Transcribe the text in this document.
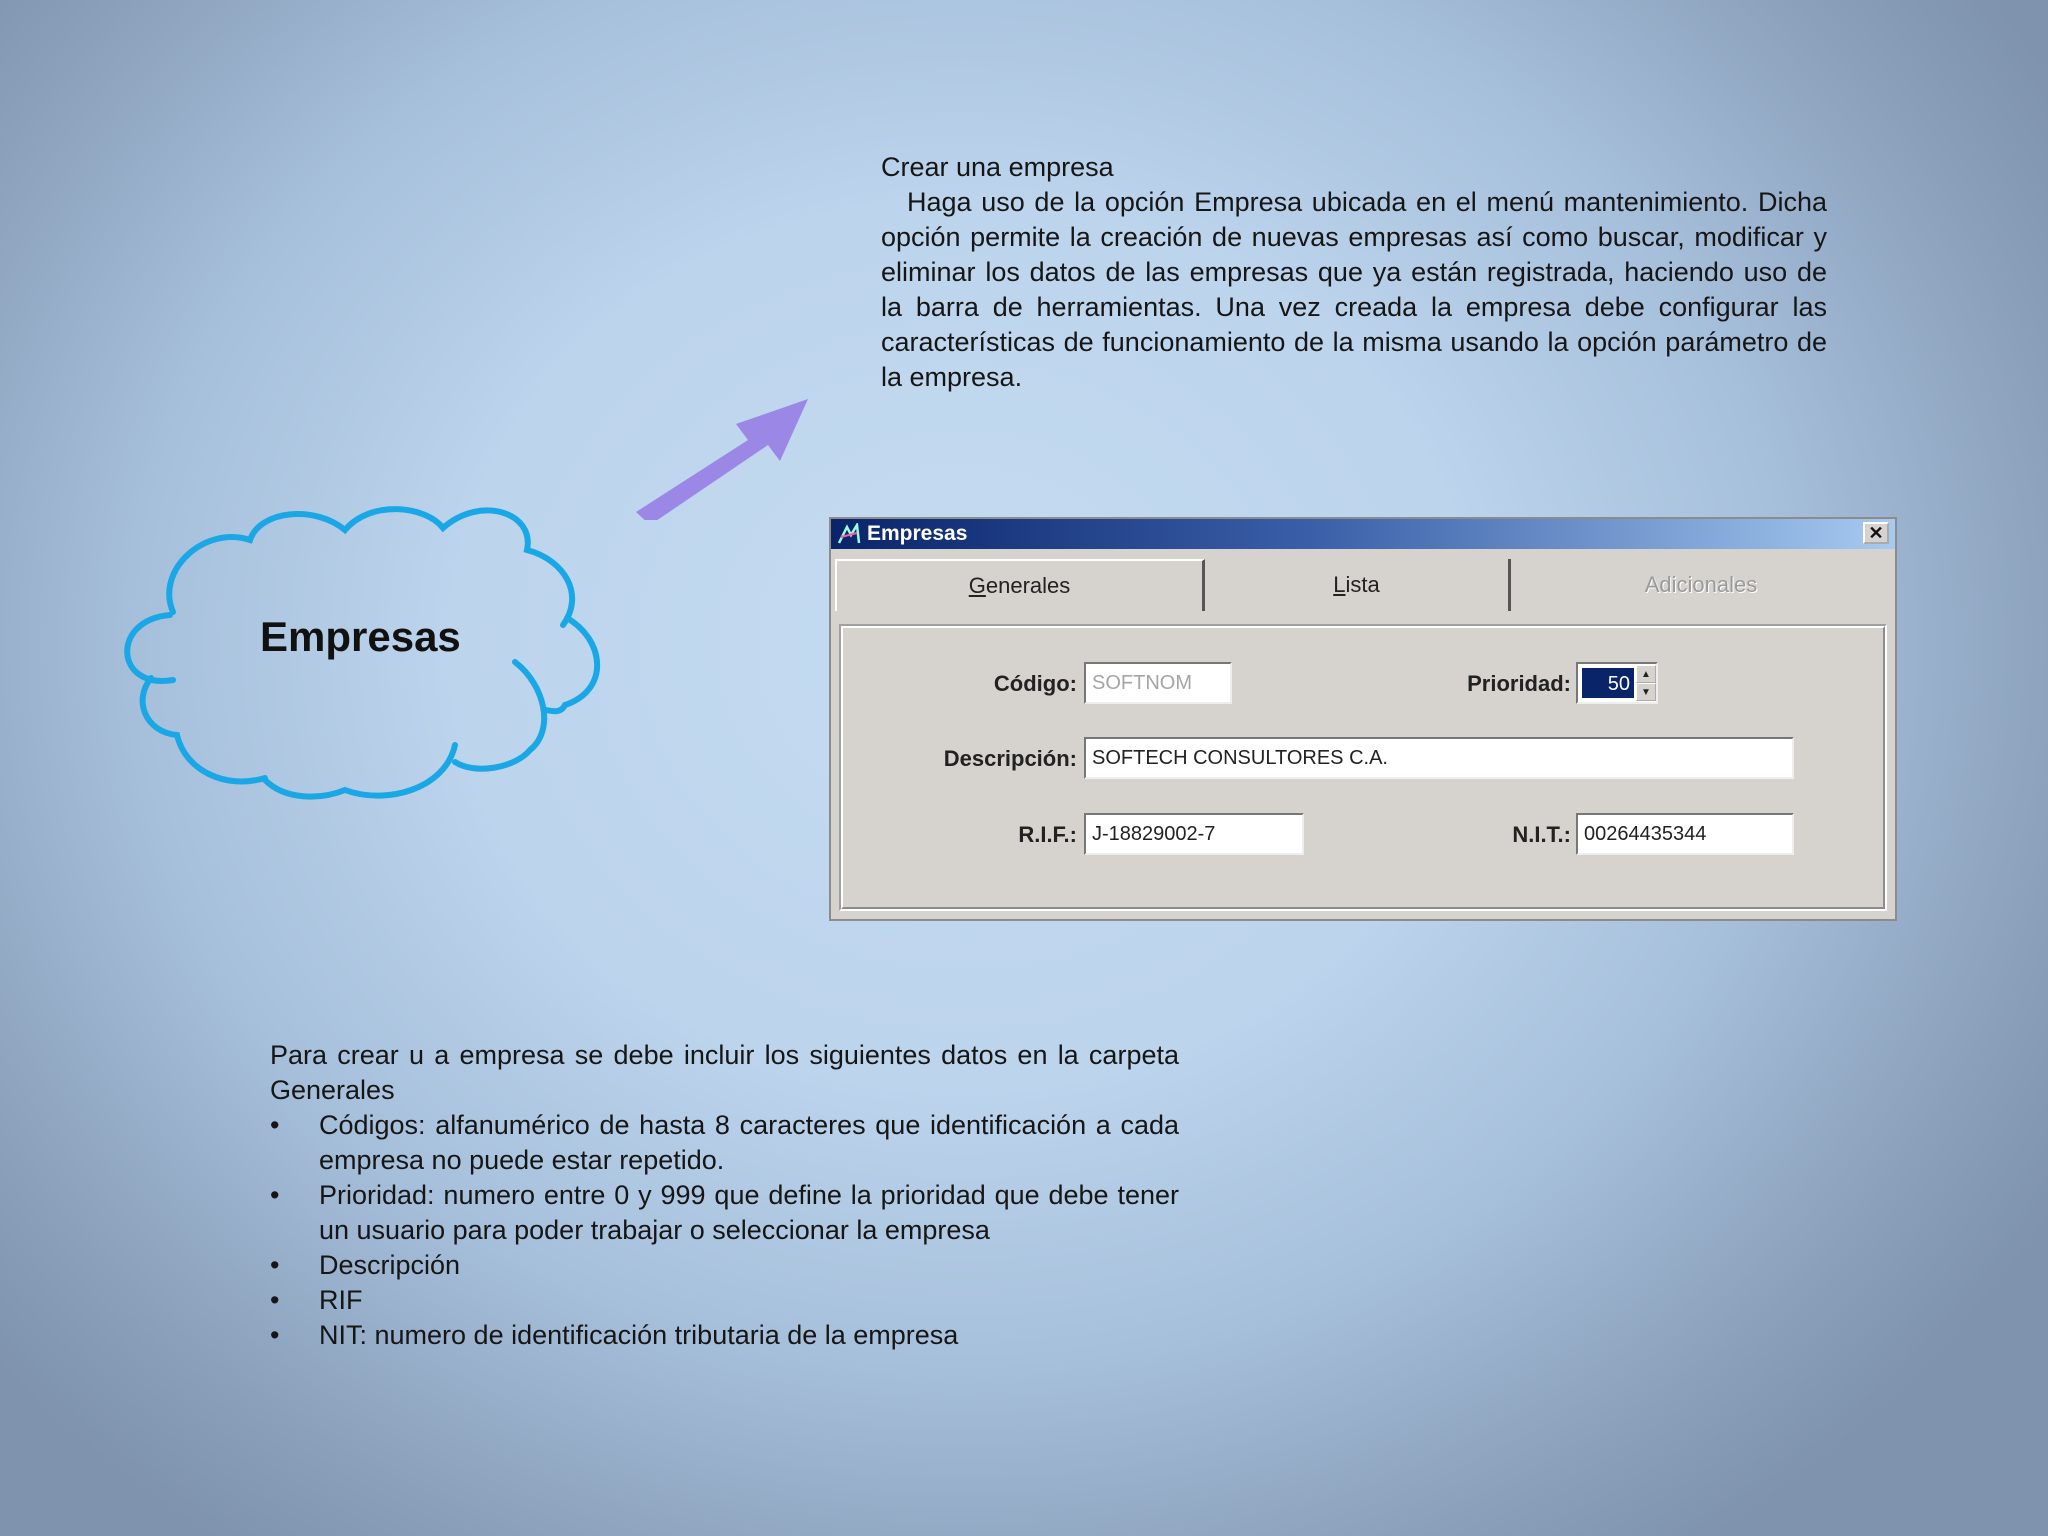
Crear una empresa
Haga uso de la opción Empresa ubicada en el menú mantenimiento. Dicha opción permite la creación de nuevas empresas así como buscar, modificar y eliminar los datos de las empresas que ya están registrada, haciendo uso de la barra de herramientas. Una vez creada la empresa debe configurar las características de funcionamiento de la misma usando la opción parámetro de la empresa.
Empresas
Empresas	✕
G enerales	L ista	Adicionales
Código: SOFTNOM	Prioridad:	50	▲
▼
Descripción: SOFTECH CONSULTORES C.A.
R.I.F.: J-18829002-7	N.I.T.: 00264435344
Para crear u a empresa se debe incluir los siguientes datos en la carpeta Generales
• Códigos: alfanumérico de hasta 8 caracteres que identificación a cada empresa no puede estar repetido.
• Prioridad: numero entre 0 y 999 que define la prioridad que debe tener un usuario para poder trabajar o seleccionar la empresa
• Descripción
• RIF
• NIT: numero de identificación tributaria de la empresa
